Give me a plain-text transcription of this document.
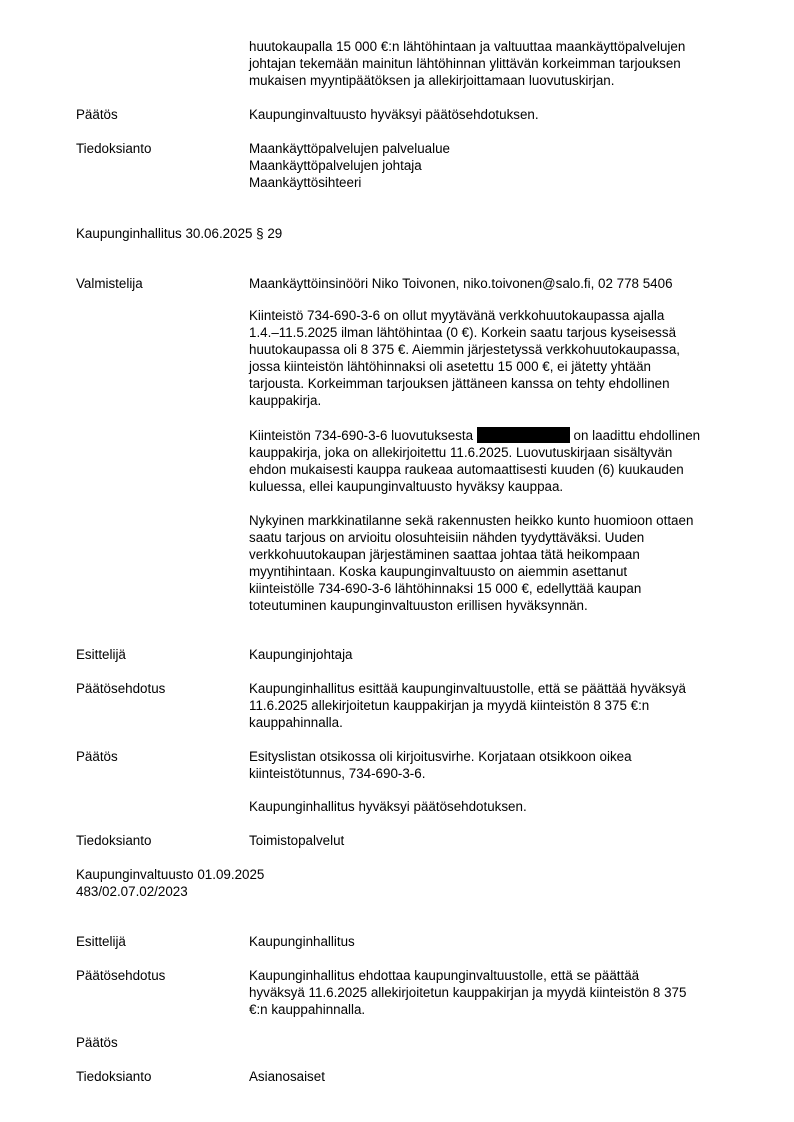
huutokaupalla 15 000 €:n lähtöhintaan ja valtuuttaa maankäyttöpalvelujen
johtajan tekemään mainitun lähtöhinnan ylittävän korkeimman tarjouksen
mukaisen myyntipäätöksen ja allekirjoittamaan luovutuskirjan.
Päätös	Kaupunginvaltuusto hyväksyi päätösehdotuksen.
Tiedoksianto	Maankäyttöpalvelujen palvelualue
Maankäyttöpalvelujen johtaja
Maankäyttösihteeri
Kaupunginhallitus 30.06.2025 § 29
Valmistelija	Maankäyttöinsinööri Niko Toivonen, niko.toivonen@salo.fi, 02 778 5406
Kiinteistö 734-690-3-6 on ollut myytävänä verkkohuutokaupassa ajalla
1.4.–11.5.2025 ilman lähtöhintaa (0 €). Korkein saatu tarjous kyseisessä
huutokaupassa oli 8 375 €. Aiemmin järjestetyssä verkkohuutokaupassa,
jossa kiinteistön lähtöhinnaksi oli asetettu 15 000 €, ei jätetty yhtään
tarjousta. Korkeimman tarjouksen jättäneen kanssa on tehty ehdollinen
kauppakirja.
Kiinteistön 734-690-3-6 luovutuksesta	on laadittu ehdollinen
kauppakirja, joka on allekirjoitettu 11.6.2025. Luovutuskirjaan sisältyvän
ehdon mukaisesti kauppa raukeaa automaattisesti kuuden (6) kuukauden
kuluessa, ellei kaupunginvaltuusto hyväksy kauppaa.
Nykyinen markkinatilanne sekä rakennusten heikko kunto huomioon ottaen
saatu tarjous on arvioitu olosuhteisiin nähden tyydyttäväksi. Uuden
verkkohuutokaupan järjestäminen saattaa johtaa tätä heikompaan
myyntihintaan. Koska kaupunginvaltuusto on aiemmin asettanut
kiinteistölle 734-690-3-6 lähtöhinnaksi 15 000 €, edellyttää kaupan
toteutuminen kaupunginvaltuuston erillisen hyväksynnän.
Esittelijä	Kaupunginjohtaja
Päätösehdotus	Kaupunginhallitus esittää kaupunginvaltuustolle, että se päättää hyväksyä
11.6.2025 allekirjoitetun kauppakirjan ja myydä kiinteistön 8 375 €:n
kauppahinnalla.
Päätös	Esityslistan otsikossa oli kirjoitusvirhe. Korjataan otsikkoon oikea
kiinteistötunnus, 734-690-3-6.
Kaupunginhallitus hyväksyi päätösehdotuksen.
Tiedoksianto	Toimistopalvelut
Kaupunginvaltuusto 01.09.2025
483/02.07.02/2023
Esittelijä	Kaupunginhallitus
Päätösehdotus	Kaupunginhallitus ehdottaa kaupunginvaltuustolle, että se päättää
hyväksyä 11.6.2025 allekirjoitetun kauppakirjan ja myydä kiinteistön 8 375
€:n kauppahinnalla.
Päätös
Tiedoksianto	Asianosaiset
